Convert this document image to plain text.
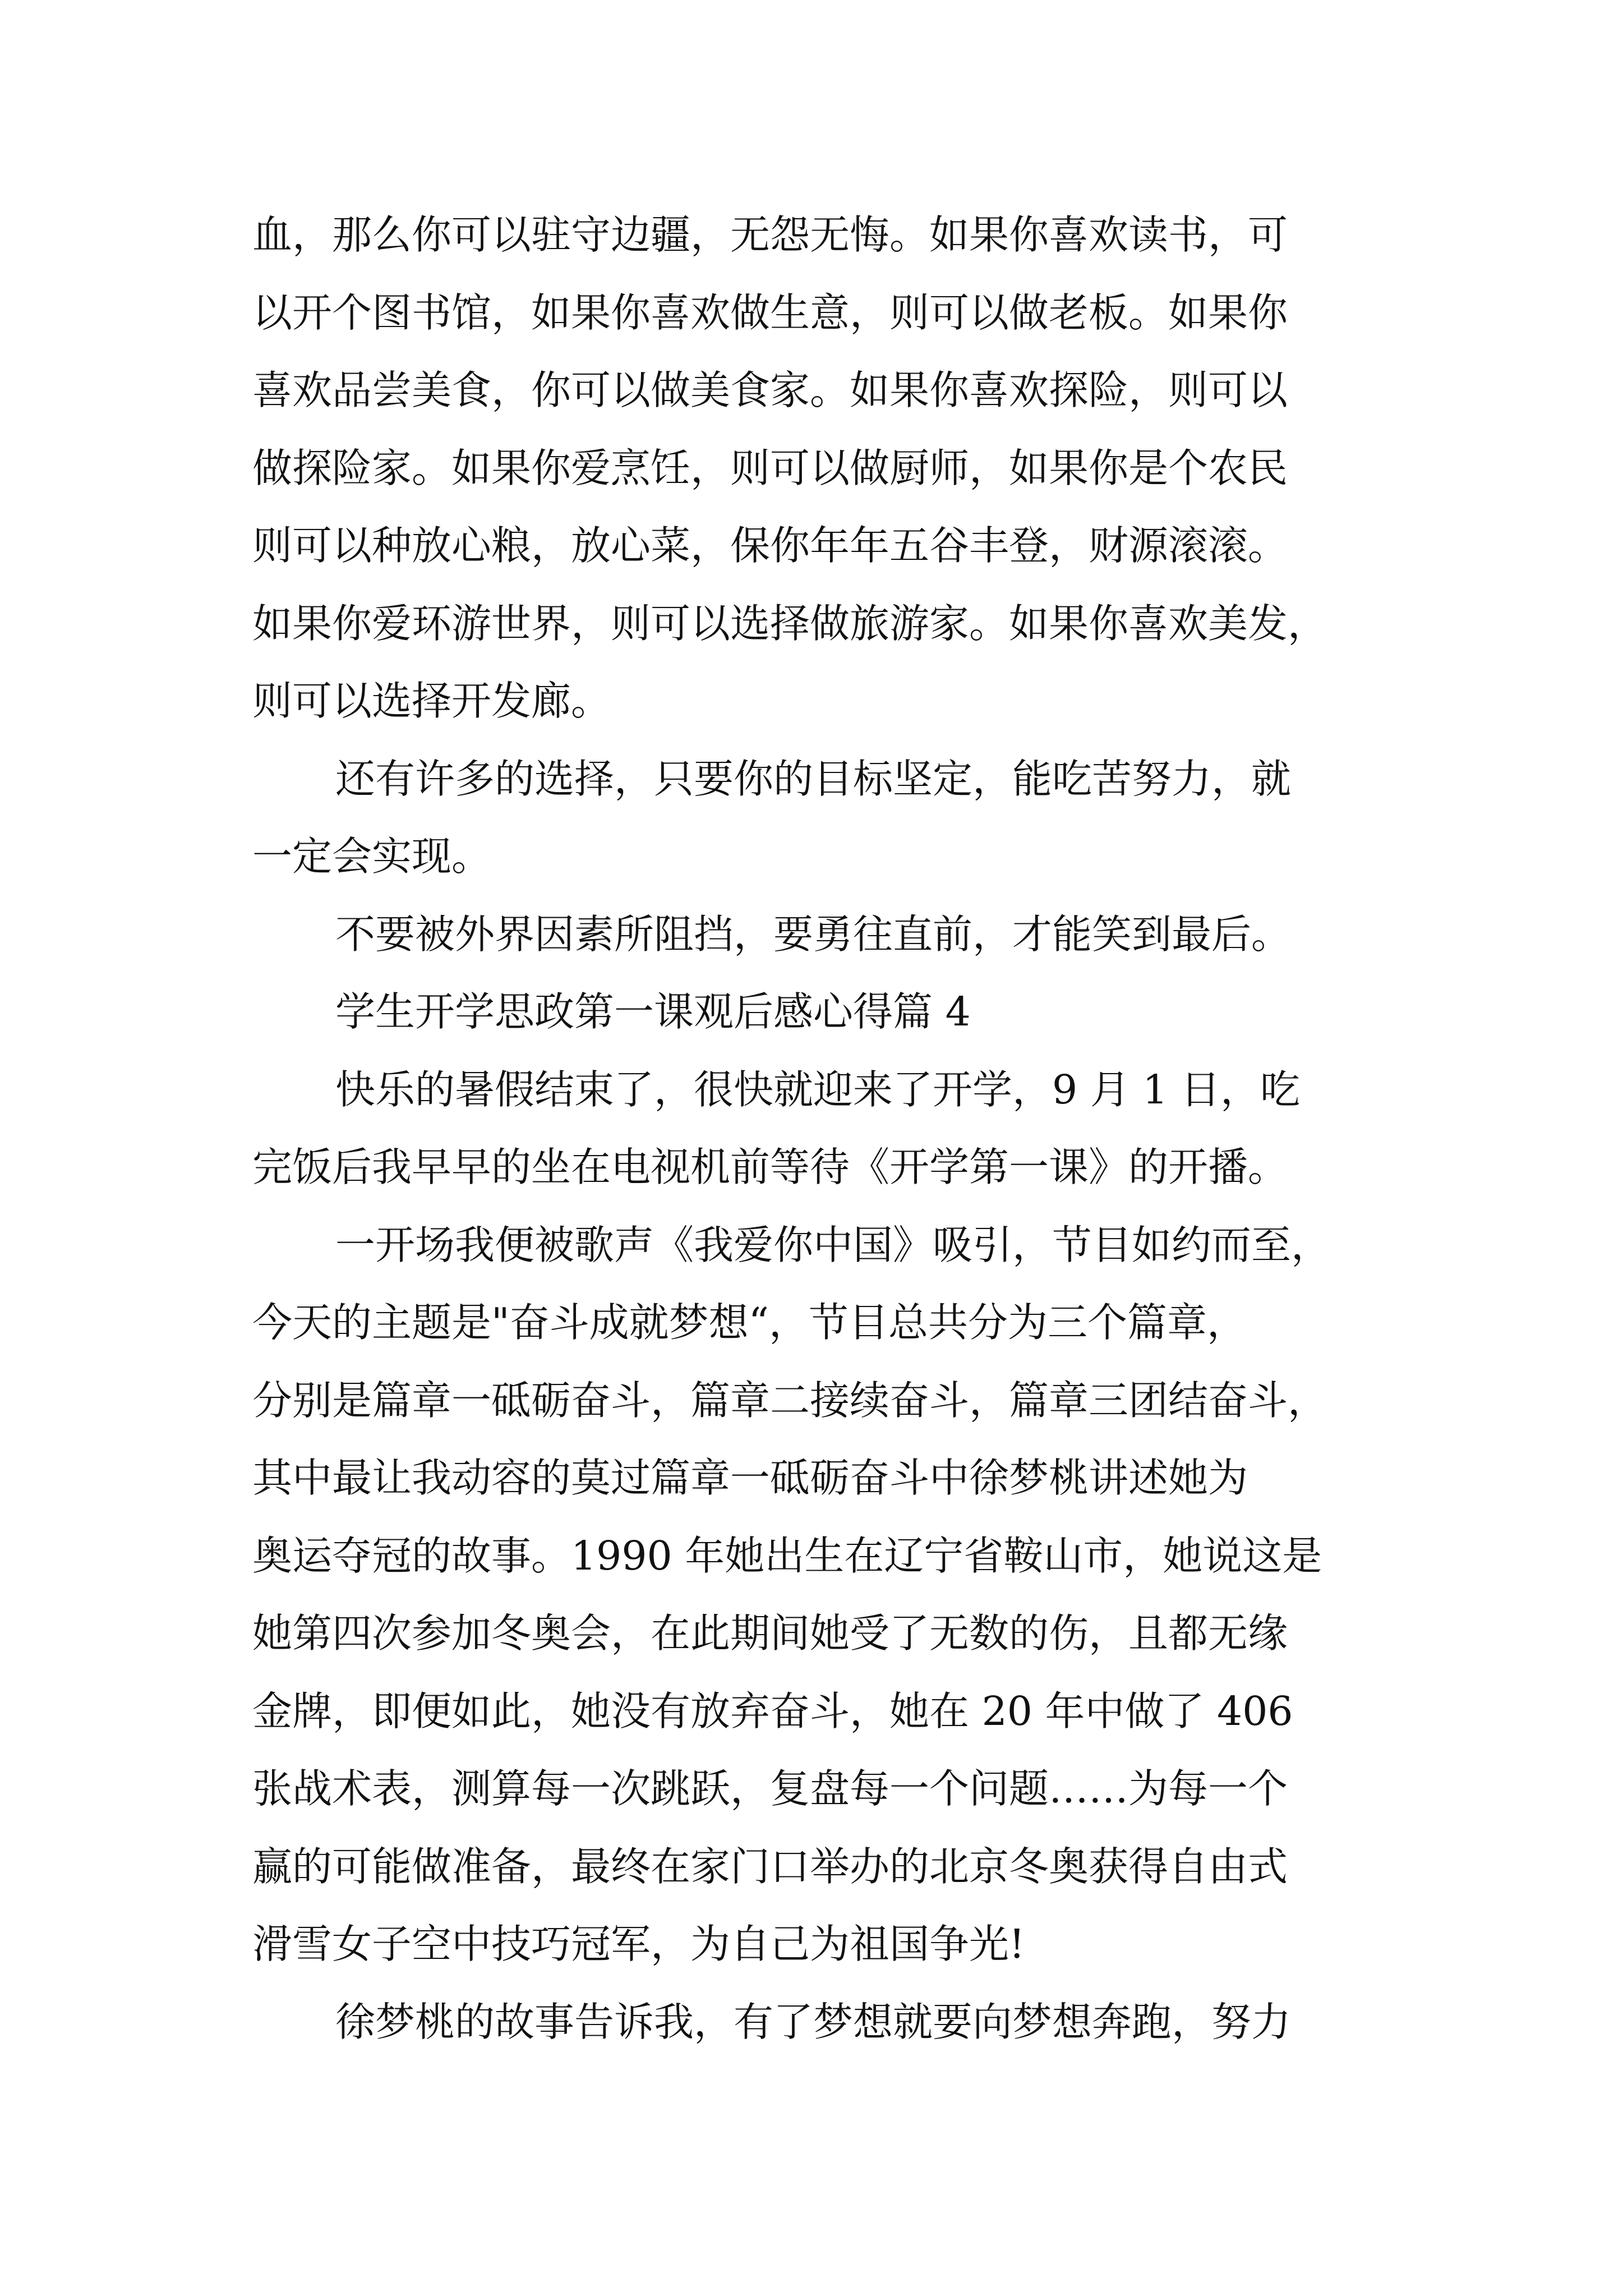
血，那么你可以驻守边疆，无怨无悔。如果你喜欢读书，可
以开个图书馆，如果你喜欢做生意，则可以做老板。如果你
喜欢品尝美食，你可以做美食家。如果你喜欢探险，则可以
做探险家。如果你爱烹饪，则可以做厨师，如果你是个农民
则可以种放心粮，放心菜，保你年年五谷丰登，财源滚滚。
如果你爱环游世界，则可以选择做旅游家。如果你喜欢美发，
则可以选择开发廊。
还有许多的选择，只要你的目标坚定，能吃苦努力，就
一定会实现。
不要被外界因素所阻挡，要勇往直前，才能笑到最后。
学生开学思政第一课观后感心得篇 4
快乐的暑假结束了，很快就迎来了开学，9 月 1 日，吃
完饭后我早早的坐在电视机前等待《开学第一课》的开播。
一开场我便被歌声《我爱你中国》吸引，节目如约而至，
今天的主题是"奋斗成就梦想“，节目总共分为三个篇章，
分别是篇章一砥砺奋斗，篇章二接续奋斗，篇章三团结奋斗，
其中最让我动容的莫过篇章一砥砺奋斗中徐梦桃讲述她为
奥运夺冠的故事。1990 年她出生在辽宁省鞍山市，她说这是
她第四次参加冬奥会，在此期间她受了无数的伤，且都无缘
金牌，即便如此，她没有放弃奋斗，她在 20 年中做了 406
张战术表，测算每一次跳跃，复盘每一个问题……为每一个
赢的可能做准备，最终在家门口举办的北京冬奥获得自由式
滑雪女子空中技巧冠军，为自己为祖国争光!
徐梦桃的故事告诉我，有了梦想就要向梦想奔跑，努力
